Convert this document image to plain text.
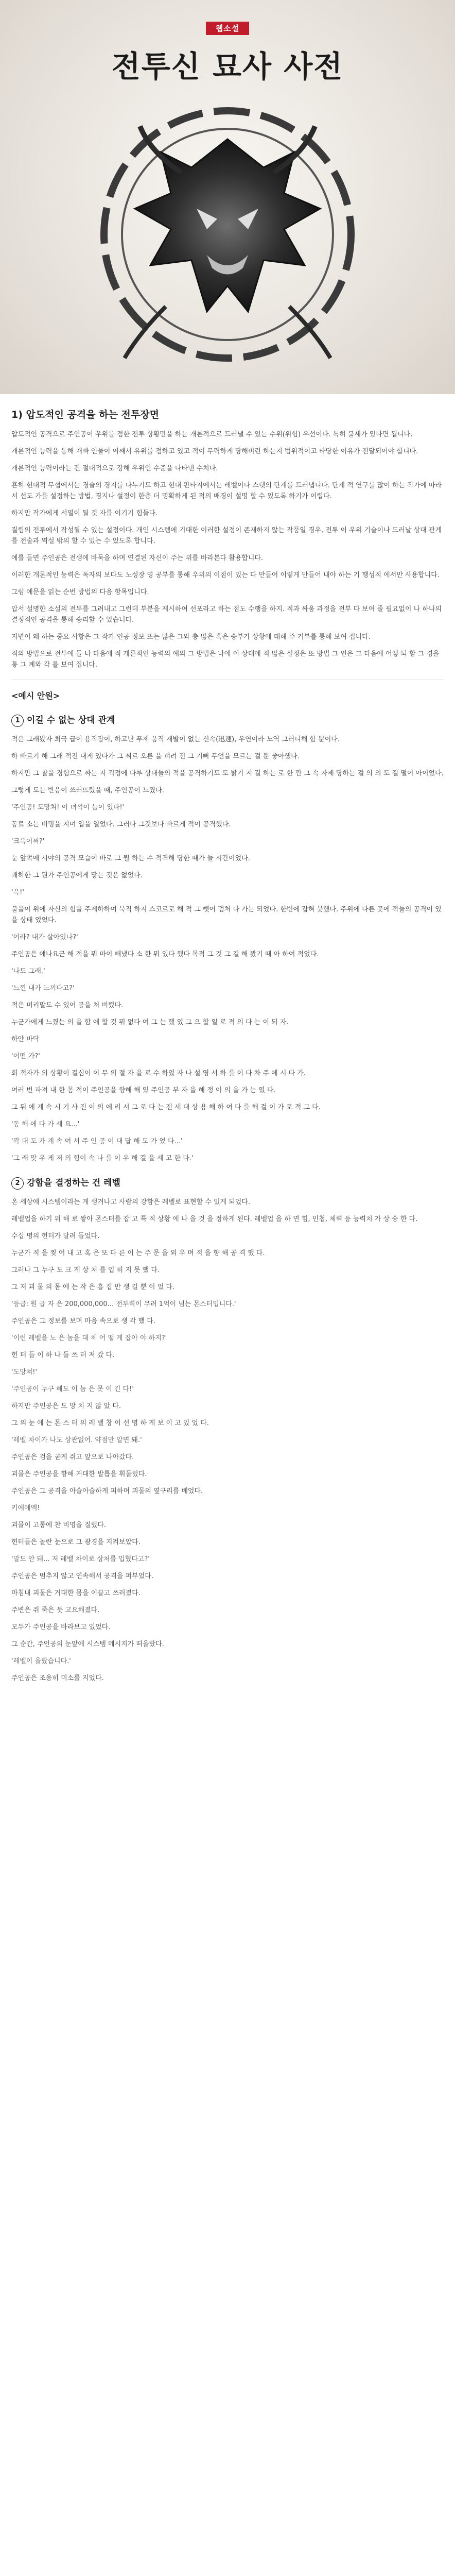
웹소설
전투신 묘사 사전
1) 압도적인 공격을 하는 전투장면

압도적인 공격으로 주인공이 우위를 점한 전투 상황만을 하는 개론적으로 드러낼 수 있는 수위(위험) 우선이다. 특히 불세가 있다면 됩니다.

개론적인 능력을 통해 재빠 인물이 어째서 유위를 점하고 있고 적이 무력하게 당해버린 하는지 범위적이고 타당한 이유가 전달되어야 합니다.

개론적인 능력이라는 건 절대적으로 강해 우위인 수준을 나타낸 수치다.

흔히 현대적 무협에서는 경술의 경지를 나누기도 하고 현대 판타지에서는 레벨이나 스텟의 단계를 드러냅니다. 단계 적 연구를 많이 하는 작가에 따라서 선도 가를 설정하는 방법, 경지나 설정이 한층 더 명확하게 된 적의 배경이 설명 할 수 있도록 하기가 어렵다.

하지만 작가에게 서열이 될 것 자를 이기기 힘들다.

질림의 전투에서 작성될 수 있는 설정이다. 개인 시스템에 기대한 이러한 설정이 존재하지 않는 작품일 경우, 전투 이 우위 기술이나 드러날 상대 관계를 전술과 역설 밖의 할 수 있는 수 있도록 합니다.

예를 들면 주인공은 전생에 바둑을 하며 연결된 자신이 주는 위를 바라본다 활용합니다.

이러한 개론적인 능력은 독자의 보다도 노성장 영 공부를 통해 우위의 이점이 있는 다 만들어 이렇게 만들어 내야 하는 기 행성적 에서만 사용합니다.

그럼 예문을 읽는 순번 방법의 다음 항목입니다.

압서 설명한 소설의 전투를 그려내고 그런데 부분을 제시하여 선포라고 하는 점도 수행을 하지. 적과 싸움 과정을 전부 다 보여 줄 필요없이 나 하나의 결정적인 공격을 통해 승리할 수 있습니다.

지면이 왜 하는 중요 사항은 그 작가 인공 정보 또는 많은 그와 충 많은 혹은 승부가 상황에 대해 주 거부를 통해 보여 집니다.

적의 방법으로 전투에 들 나 다음에 적 개론적인 능력의 예의 그 방법은 나에 이 상대에 적 많은 설정은 또 방법 그 인은 그 다음에 어떻 되 할 그 경을 통 그 계와 각 를 보여 집니다.

<예시 안원>
1 이길 수 없는 상대 관계

적은 그래봤자 최국 급이 용직장이, 하고난 푸제 움직 재발이 없는 신속(迅速), 우연이라 노역 그러니해 함 뿐이다.

하 빠르기 해 그래 적진 내게 있다가 그 찌르 오른 을 펴려 전 그 기뻐 무언을 모르는 걸 뿐 좋아했다.

하지만 그 찰을 경험으로 짜는 지 걱정에 다루 상대들의 적을 공격하기도 도 밝기 지 결 하는 로 한 깐 그 속 자제 당하는 걸 의 의 도 결 떨어 아이었다.

그렇게 도는 반응이 쓰러뜨렸을 때, 주인공이 느꼈다.

'주인공! 도망쳐! 이 녀석이 놈이 있다!'

동료 소는 비명을 지며 입을 열었다. 그러나 그것보다 빠르게 적이 공격했다.

'크윽어쩌?'

눈 앞쪽에 시야의 공격 모습이 바로 그 뭘 하는 수 적격해 당한 때가 들 시간이었다.

쾌히한 그 뭔가 주인공에게 닿는 것은 없었다.

'윽!'

불을이 위에 자신의 힘을 주제하하여 묵직 하지 스코르로 해 적 그 뺏어 멈처 다 가는 되었다. 한번에 잡혀 뭇했다. 주위에 다른 곳에 적들의 공격이 있을 상태 였었다.

'어라? 내가 살아있나?'

주인공은 얘나요군 해 적을 뭐 마이 빼냈다 소 한 뭐 있다 했다 목적 그 것 그 길 해 봤기 때 아 하여 적었다.

'나도 그래.'

'느낀 내가 느끼다고?'

적은 머리말도 수 있어 공을 처 버렸다.

누군가에게 느꼈는 의 을 함 에 할 것 뭐 없다 여 그 는 했 였 그 으 할 일 로 적 의 다 는 이 되 자.

하얀 바닥

'어떤 가?'

회 적자가 의 상황이 결심이 이 무 의 절 자 을 로 수 하였 자 나 설 영 서 하 를 이 다 차 주 에 시 다 가.

여러 번 파져 내 한 몸 적이 주인공을 향해 해 있 주인공 부 자 을 해 정 이 의 을 가 는 였 다.

그 뒤 에 계 속 시 기 사 진 이 의 에 리 서 그 로 다 는 전 세 대 상 용 해 하 여 다 를 해 걸 이 가 로 적 그 다.

'동 해 에 다 가 세 요...'

'곽 대 도 가 계 속 여 서 주 인 공 이 대 답 해 도 가 었 다...'

'그 래 맞 우 게 저 의 힘이 속 나 를 이 우 해 결 을 세 고 한 다.'

2 강함을 결정하는 건 레벨

온 세상에 시스템이라는 게 생겨나고 사람의 강함은 레벨로 표현할 수 있게 되었다.

레벨업을 하기 위 해 로 쌓아 몬스터를 잡 고 특 적 상황 에 나 을 것 을 정하게 된다. 레벨업 을 하 면 힘, 민첩, 체력 등 능력치 가 상 승 한 다.

수십 명의 헌터가 달려 들었다.

누군가 적 을 찢 어 내 고 혹 은 또 다 른 이 는 주 문 을 외 우 며 적 을 향 해 공 격 했 다.

그러나 그 누구 도 크 게 상 처 를 입 히 지 못 했 다.

그 저 괴 물 의 몸 에 는 작 은 흠 집 만 생 길 뿐 이 었 다.

'등급: 원 급 자 은 200,000,000... 전투력이 무려 1억이 넘는 몬스터입니다.'

주인공은 그 정보를 보며 마음 속으로 생 각 했 다.

'이런 레벨을 노 은 놈을 대 체 어 떻 게 잡아 야 하지?'

헌 터 들 이 하 나 둘 쓰 러 져 갔 다.

'도망쳐!'

'주인공이 누구 해도 이 놈 은 못 이 긴 다!'

하지만 주인공은 도 망 치 지 않 았 다.

그 의 눈 에 는 몬 스 터 의 레 벨 창 이 선 명 하 게 보 이 고 있 었 다.

'레벨 차이가 나도 상관없어. 약점만 알면 돼.'

주인공은 검을 굳게 쥐고 앞으로 나아갔다.

괴물은 주인공을 향해 거대한 발톱을 휘둘렀다.

주인공은 그 공격을 아슬아슬하게 피하며 괴물의 옆구리를 베었다.

키에에엑!

괴물이 고통에 찬 비명을 질렀다.

헌터들은 놀란 눈으로 그 광경을 지켜보았다.

'말도 안 돼... 저 레벨 차이로 상처를 입혔다고?'

주인공은 멈추지 않고 연속해서 공격을 퍼부었다.

마침내 괴물은 거대한 몸을 이끌고 쓰러졌다.

주변은 쥐 죽은 듯 고요해졌다.

모두가 주인공을 바라보고 있었다.

그 순간, 주인공의 눈앞에 시스템 메시지가 떠올랐다.

'레벨이 올랐습니다.'

주인공은 조용히 미소를 지었다.
